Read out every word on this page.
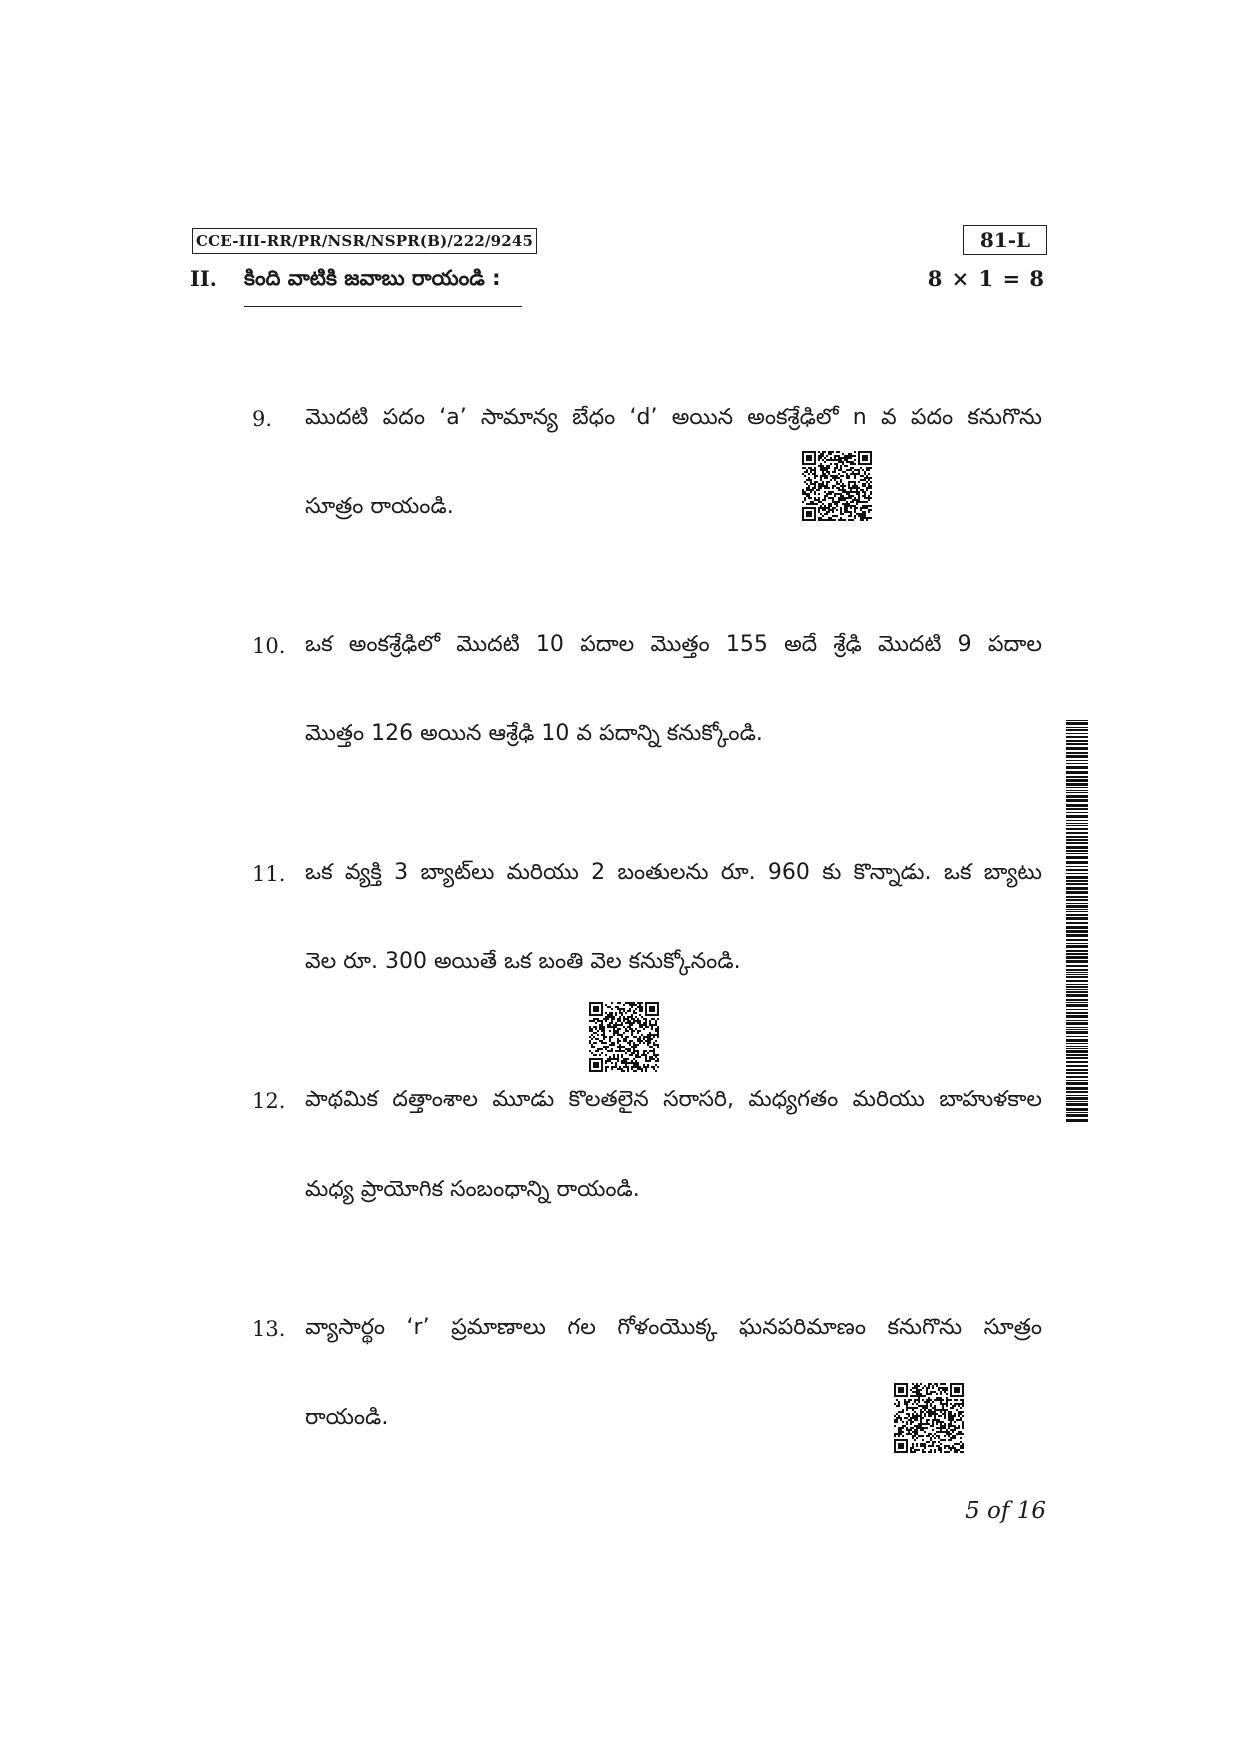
CCE-III-RR/PR/NSR/NSPR(B)/222/9245	81-L
II. కింది వాటికి జవాబు రాయండి :	8 × 1 = 8
9. మొదటి పదం ‘a’ సామాన్య బేధం ‘d’ అయిన అంకశ్రేఢిలో n వ పదం కనుగొను
సూత్రం రాయండి.
10. ఒక అంకశ్రేఢిలో మొదటి 10 పదాల మొత్తం 155 అదే శ్రేఢి మొదటి 9 పదాల
మొత్తం 126 అయిన ఆశ్రేఢి 10 వ పదాన్ని కనుక్కోండి.
11. ఒక వ్యక్తి 3 బ్యాట్‌లు మరియు 2 బంతులను రూ. 960 కు కొన్నాడు. ఒక బ్యాటు
వెల రూ. 300 అయితే ఒక బంతి వెల కనుక్కోనండి.
12. పాథమిక దత్తాంశాల మూడు కొలతలైన సరాసరి, మధ్యగతం మరియు బాహుళకాల
మధ్య ప్రాయోగిక సంబంధాన్ని రాయండి.
13. వ్యాసార్థం ‘r’ ప్రమాణాలు గల గోళంయొక్క ఘనపరిమాణం కనుగొను సూత్రం
రాయండి.
5 of 16
